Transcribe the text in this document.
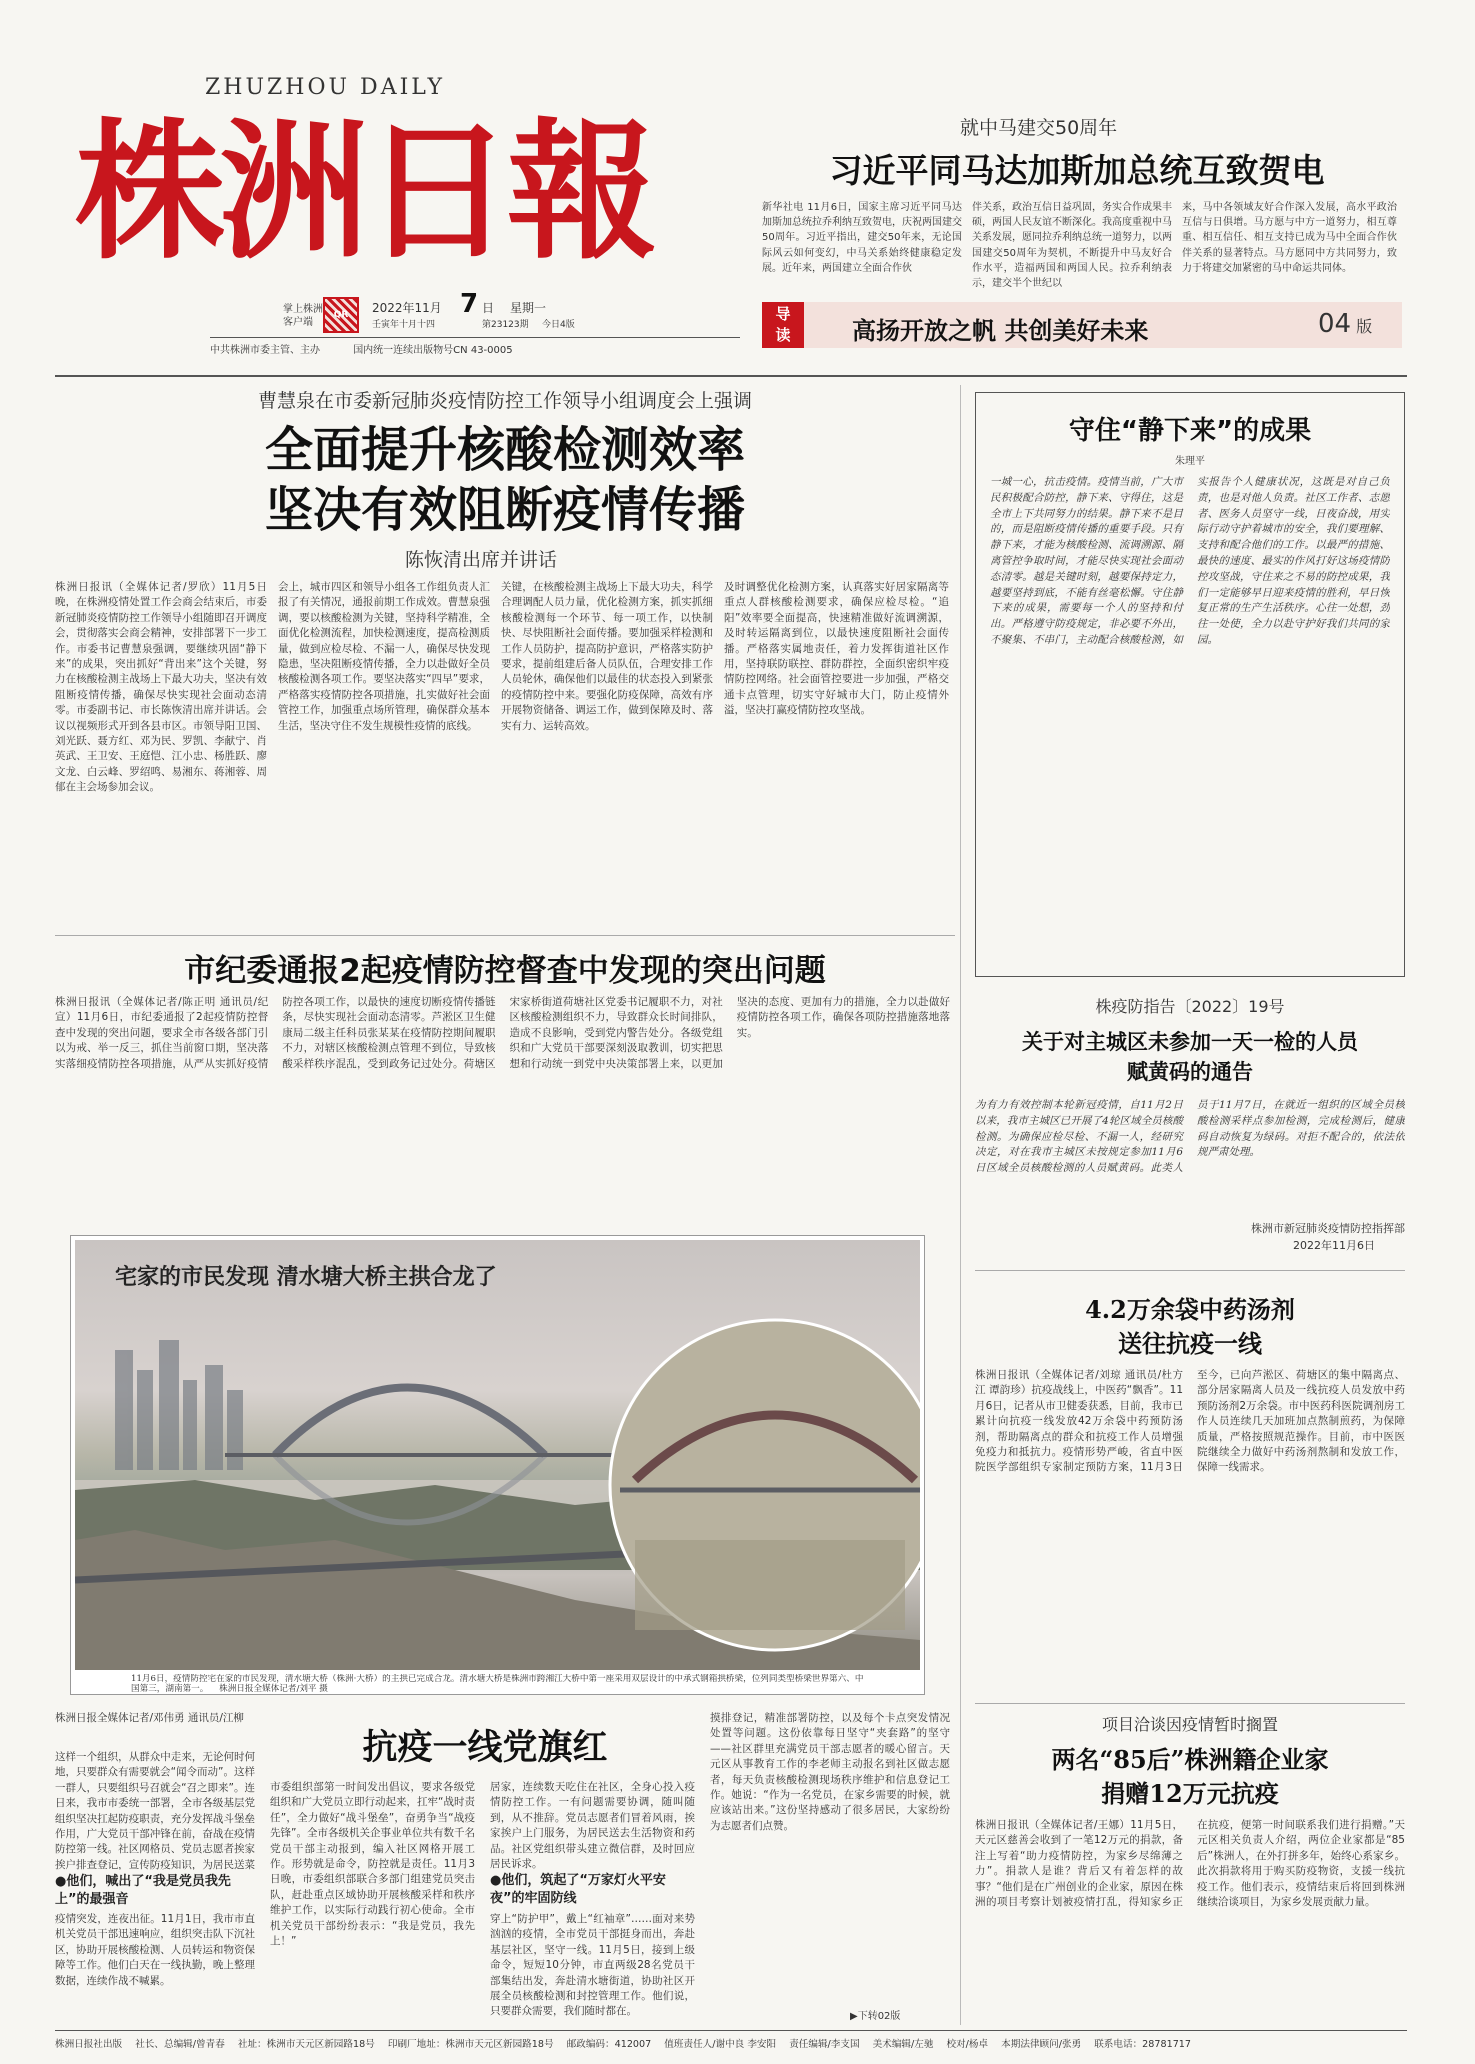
ZHUZHOU DAILY
株洲日報
掌上株洲
客户端
QR	2022年11月 7 日 星期一
壬寅年十月十四	第23123期 今日4版
中共株洲市委主管、主办	国内统一连续出版物号CN 43-0005
就中马建交50周年
习近平同马达加斯加总统互致贺电
新华社电 11月6日，国家主席习近平同马达加斯加总统拉乔利纳互致贺电，庆祝两国建交50周年。习近平指出，建交50年来，无论国际风云如何变幻，中马关系始终健康稳定发展。近年来，两国建立全面合作伙
伴关系，政治互信日益巩固，务实合作成果丰硕，两国人民友谊不断深化。我高度重视中马关系发展，愿同拉乔利纳总统一道努力，以两国建交50周年为契机，不断提升中马友好合作水平，造福两国和两国人民。拉乔利纳表示，建交半个世纪以
来，马中各领域友好合作深入发展，高水平政治互信与日俱增。马方愿与中方一道努力，相互尊重、相互信任、相互支持已成为马中全面合作伙伴关系的显著特点。马方愿同中方共同努力，致力于将建交加紧密的马中命运共同体。
导
读	高扬开放之帆 共创美好未来	04 版
曹慧泉在市委新冠肺炎疫情防控工作领导小组调度会上强调
全面提升核酸检测效率
坚决有效阻断疫情传播
陈恢清出席并讲话
株洲日报讯（全媒体记者/罗欣）11月5日晚，在株洲疫情处置工作会商会结束后，市委新冠肺炎疫情防控工作领导小组随即召开调度会，贯彻落实会商会精神，安排部署下一步工作。市委书记曹慧泉强调，要继续巩固“静下来”的成果，突出抓好“背出来”这个关键，努力在核酸检测主战场上下最大功夫，坚决有效阻断疫情传播，确保尽快实现社会面动态清零。市委副书记、市长陈恢清出席并讲话。会议以视频形式开到各县市区。市领导阳卫国、刘光跃、聂方红、邓为民、罗凯、李献宁、肖英武、王卫安、王庭恺、江小忠、杨胜跃、廖文龙、白云峰、罗绍鸣、易湘东、蒋湘蓉、周郁在主会场参加会议。
会上，城市四区和领导小组各工作组负责人汇报了有关情况，通报前期工作成效。曹慧泉强调，要以核酸检测为关键，坚持科学精准，全面优化检测流程，加快检测速度，提高检测质量，做到应检尽检、不漏一人，确保尽快发现隐患，坚决阻断疫情传播，全力以赴做好全员核酸检测各项工作。要坚决落实“四早”要求，严格落实疫情防控各项措施，扎实做好社会面管控工作，加强重点场所管理，确保群众基本生活，坚决守住不发生规模性疫情的底线。
关键，在核酸检测主战场上下最大功夫，科学合理调配人员力量，优化检测方案，抓实抓细核酸检测每一个环节、每一项工作，以快制快、尽快阻断社会面传播。要加强采样检测和工作人员防护，提高防护意识，严格落实防护要求，提前组建后备人员队伍，合理安排工作人员轮休，确保他们以最佳的状态投入到紧张的疫情防控中来。要强化防疫保障，高效有序开展物资储备、调运工作，做到保障及时、落实有力、运转高效。
及时调整优化检测方案，认真落实好居家隔离等重点人群核酸检测要求，确保应检尽检。“追阳”效率要全面提高，快速精准做好流调溯源，及时转运隔离到位，以最快速度阻断社会面传播。严格落实属地责任，着力发挥街道社区作用，坚持联防联控、群防群控，全面织密织牢疫情防控网络。社会面管控要进一步加强，严格交通卡点管理，切实守好城市大门，防止疫情外溢，坚决打赢疫情防控攻坚战。
市纪委通报2起疫情防控督查中发现的突出问题
株洲日报讯（全媒体记者/陈正明 通讯员/纪宣）11月6日，市纪委通报了2起疫情防控督查中发现的突出问题，要求全市各级各部门引以为戒、举一反三，抓住当前窗口期，坚决落实落细疫情防控各项措施，从严从实抓好疫情防控各项工作，以最快的速度切断疫情传播链条，尽快实现社会面动态清零。芦淞区卫生健康局二级主任科员张某某在疫情防控期间履职不力，对辖区核酸检测点管理不到位，导致核酸采样秩序混乱，受到政务记过处分。荷塘区宋家桥街道荷塘社区党委书记履职不力，对社区核酸检测组织不力，导致群众长时间排队，造成不良影响，受到党内警告处分。各级党组织和广大党员干部要深刻汲取教训，切实把思想和行动统一到党中央决策部署上来，以更加坚决的态度、更加有力的措施，全力以赴做好疫情防控各项工作，确保各项防控措施落地落实。
宅家的市民发现 清水塘大桥主拱合龙了
11月6日，疫情防控宅在家的市民发现，清水塘大桥（株洲·大桥）的主拱已完成合龙。清水塘大桥是株洲市跨湘江大桥中第一座采用双层设计的中承式钢箱拱桥梁，位列同类型桥梁世界第六、中国第三，湖南第一。 株洲日报全媒体记者/刘平 摄
株洲日报全媒体记者/邓伟勇 通讯员/江柳
这样一个组织，从群众中走来，无论何时何地，只要群众有需要就会“闻令而动”。这样一群人，只要组织号召就会“召之即来”。连日来，我市市委统一部署，全市各级基层党组织坚决扛起防疫职责，充分发挥战斗堡垒作用，广大党员干部冲锋在前，奋战在疫情防控第一线。社区网格员、党员志愿者挨家挨户排查登记，宣传防疫知识，为居民送菜
●他们，喊出了“我是党员我先上”的最强音
疫情突发，连夜出征。11月1日，我市市直机关党员干部迅速响应，组织突击队下沉社区，协助开展核酸检测、人员转运和物资保障等工作。他们白天在一线执勤，晚上整理数据，连续作战不喊累。
抗疫一线党旗红
市委组织部第一时间发出倡议，要求各级党组织和广大党员立即行动起来，扛牢“战时责任”，全力做好“战斗堡垒”，奋勇争当“战疫先锋”。全市各级机关企事业单位共有数千名党员干部主动报到，编入社区网格开展工作。形势就是命令，防控就是责任。11月3日晚，市委组织部联合多部门组建党员突击队，赶赴重点区域协助开展核酸采样和秩序维护工作，以实际行动践行初心使命。全市机关党员干部纷纷表示：“我是党员，我先上！”
居家，连续数天吃住在社区，全身心投入疫情防控工作。一有问题需要协调，随叫随到，从不推辞。党员志愿者们冒着风雨，挨家挨户上门服务，为居民送去生活物资和药品。社区党组织带头建立微信群，及时回应居民诉求。
●他们，筑起了“万家灯火平安夜”的牢固防线
穿上“防护甲”，戴上“红袖章”……面对来势汹汹的疫情，全市党员干部挺身而出，奔赴基层社区，坚守一线。11月5日，接到上级命令，短短10分钟，市直两级28名党员干部集结出发，奔赴清水塘街道，协助社区开展全员核酸检测和封控管理工作。他们说，只要群众需要，我们随时都在。
摸排登记，精准部署防控，以及每个卡点突发情况处置等问题。这份依靠每日坚守“夹套路”的坚守——社区群里充满党员干部志愿者的暖心留言。天元区从事教育工作的李老师主动报名到社区做志愿者，每天负责核酸检测现场秩序维护和信息登记工作。她说：“作为一名党员，在家乡需要的时候，就应该站出来。”这份坚持感动了很多居民，大家纷纷为志愿者们点赞。
▶下转02版
守住“静下来”的成果
朱理平
一城一心，抗击疫情。疫情当前，广大市民积极配合防控，静下来、守得住，这是全市上下共同努力的结果。静下来不是目的，而是阻断疫情传播的重要手段。只有静下来，才能为核酸检测、流调溯源、隔离管控争取时间，才能尽快实现社会面动态清零。越是关键时刻，越要保持定力，越要坚持到底，不能有丝毫松懈。守住静下来的成果，需要每一个人的坚持和付出。严格遵守防疫规定，非必要不外出，不聚集、不串门，主动配合核酸检测，如实报告个人健康状况，这既是对自己负责，也是对他人负责。社区工作者、志愿者、医务人员坚守一线，日夜奋战，用实际行动守护着城市的安全，我们要理解、支持和配合他们的工作。以最严的措施、最快的速度、最实的作风打好这场疫情防控攻坚战，守住来之不易的防控成果，我们一定能够早日迎来疫情的胜利，早日恢复正常的生产生活秩序。心往一处想，劲往一处使，全力以赴守护好我们共同的家园。
株疫防指告〔2022〕19号
关于对主城区未参加一天一检的人员
赋黄码的通告
为有力有效控制本轮新冠疫情，自11月2日以来，我市主城区已开展了4轮区域全员核酸检测。为确保应检尽检、不漏一人，经研究决定，对在我市主城区未按规定参加11月6日区域全员核酸检测的人员赋黄码。此类人员于11月7日，在就近一组织的区域全员核酸检测采样点参加检测，完成检测后，健康码自动恢复为绿码。对拒不配合的，依法依规严肃处理。
株洲市新冠肺炎疫情防控指挥部
2022年11月6日
4.2万余袋中药汤剂
送往抗疫一线
株洲日报讯（全媒体记者/刘琼 通讯员/杜方江 谭韵珍）抗疫战线上，中医药“飘香”。11月6日，记者从市卫健委获悉，目前，我市已累计向抗疫一线发放42万余袋中药预防汤剂，帮助隔离点的群众和抗疫工作人员增强免疫力和抵抗力。疫情形势严峻，省直中医院医学部组织专家制定预防方案，11月3日至今，已向芦淞区、荷塘区的集中隔离点、部分居家隔离人员及一线抗疫人员发放中药预防汤剂2万余袋。市中医药科医院调剂房工作人员连续几天加班加点熬制煎药，为保障质量，严格按照规范操作。目前，市中医医院继续全力做好中药汤剂熬制和发放工作，保障一线需求。
项目洽谈因疫情暂时搁置
两名“85后”株洲籍企业家
捐赠12万元抗疫
株洲日报讯（全媒体记者/王娜）11月5日，天元区慈善会收到了一笔12万元的捐款，备注上写着“助力疫情防控，为家乡尽绵薄之力”。捐款人是谁？背后又有着怎样的故事？“他们是在广州创业的企业家，原因在株洲的项目考察计划被疫情打乱，得知家乡正在抗疫，便第一时间联系我们进行捐赠。”天元区相关负责人介绍，两位企业家都是“85后”株洲人，在外打拼多年，始终心系家乡。此次捐款将用于购买防疫物资，支援一线抗疫工作。他们表示，疫情结束后将回到株洲继续洽谈项目，为家乡发展贡献力量。
株洲日报社出版 社长、总编辑/曾青春 社址：株洲市天元区新园路18号 印刷厂地址：株洲市天元区新园路18号 邮政编码：412007 值班责任人/谢中良 李安阳 责任编辑/李支国 美术编辑/左驰 校对/杨卓 本期法律顾问/张勇 联系电话：28781717
